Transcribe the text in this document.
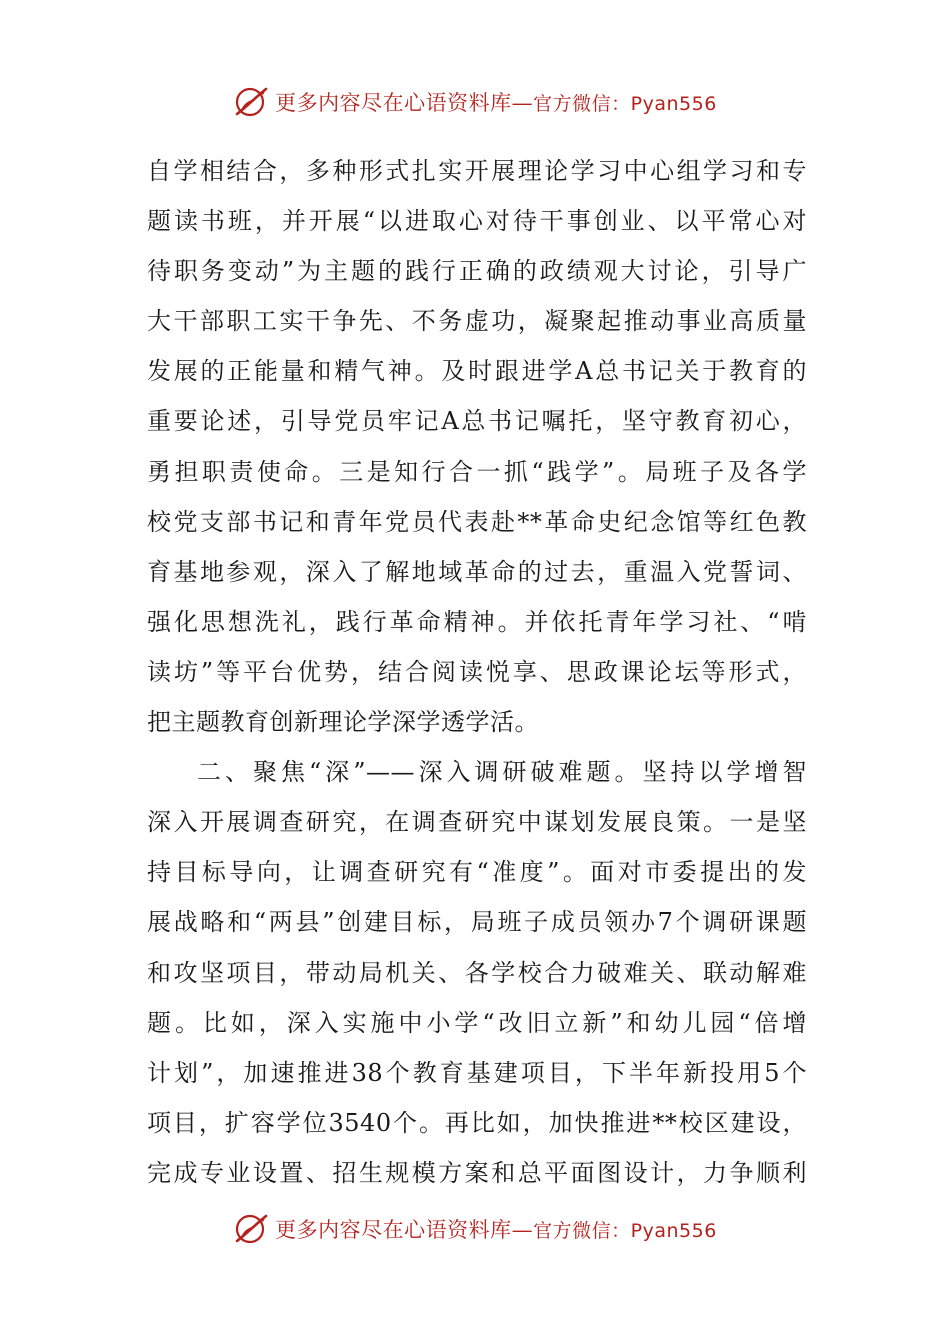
更多内容尽在心语资料库—官方微信：Pyan556
自学相结合，多种形式扎实开展理论学习中心组学习和专
题读书班，并开展“以进取心对待干事创业、以平常心对
待职务变动”为主题的践行正确的政绩观大讨论，引导广
大干部职工实干争先、不务虚功，凝聚起推动事业高质量
发展的正能量和精气神。及时跟进学A总书记关于教育的
重要论述，引导党员牢记A总书记嘱托，坚守教育初心，
勇担职责使命。三是知行合一抓“践学”。局班子及各学
校党支部书记和青年党员代表赴**革命史纪念馆等红色教
育基地参观，深入了解地域革命的过去，重温入党誓词、
强化思想洗礼，践行革命精神。并依托青年学习社、“啃
读坊”等平台优势，结合阅读悦享、思政课论坛等形式，
把主题教育创新理论学深学透学活。
二、聚焦“深”——深入调研破难题。坚持以学增智
深入开展调查研究，在调查研究中谋划发展良策。一是坚
持目标导向，让调查研究有“准度”。面对市委提出的发
展战略和“两县”创建目标，局班子成员领办7个调研课题
和攻坚项目，带动局机关、各学校合力破难关、联动解难
题。比如，深入实施中小学“改旧立新”和幼儿园“倍增
计划”，加速推进38个教育基建项目，下半年新投用5个
项目，扩容学位3540个。再比如，加快推进**校区建设，
完成专业设置、招生规模方案和总平面图设计，力争顺利
更多内容尽在心语资料库—官方微信：Pyan556
